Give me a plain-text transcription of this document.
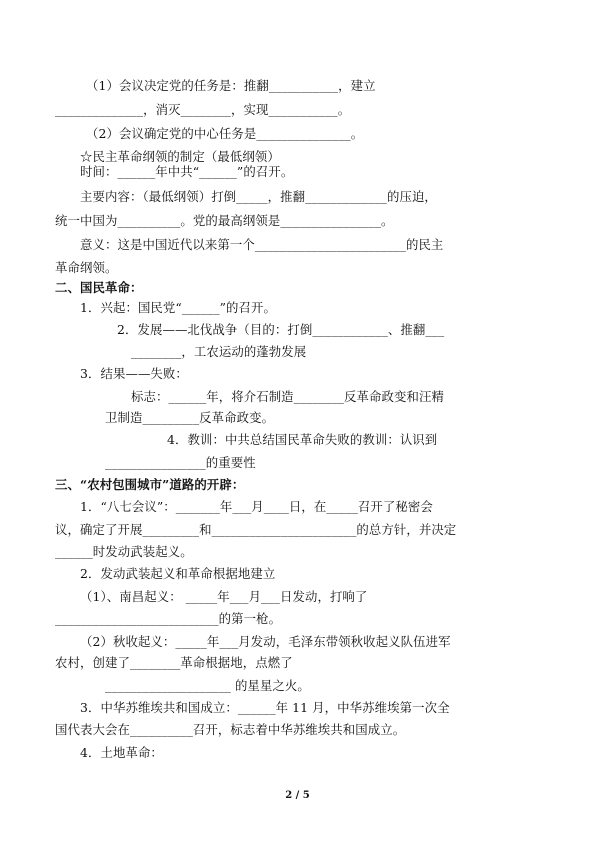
（1）会议决定党的任务是：推翻___________，建立
______________，消灭________，实现___________。
（2）会议确定党的中心任务是_______________。
☆民主革命纲领的制定（最低纲领）
时间：______年中共“______”的召开。
主要内容：（最低纲领）打倒_____，推翻_____________的压迫，
统一中国为__________。党的最高纲领是________________。
意义：这是中国近代以来第一个________________________的民主
革命纲领。
二、国民革命：
1．兴起：国民党“______”的召开。
2．发展——北伐战争（目的：打倒____________、推翻___
________，工农运动的蓬勃发展
3．结果——失败：
标志：______年，将介石制造________反革命政变和汪精
卫制造_________反革命政变。
4．教训：中共总结国民革命失败的教训：认识到
________________的重要性
三、“农村包围城市”道路的开辟：
1．“八七会议”：_______年___月____日，在_____召开了秘密会
议，确定了开展_________和_______________________的总方针，并决定
______时发动武装起义。
2．发动武装起义和革命根据地建立
（1）、南昌起义： _____年___月___日发动，打响了
__________________________的第一枪。
（2）秋收起义：_____年___月发动，毛泽东带领秋收起义队伍进军
农村，创建了________革命根据地，点燃了
____________________ 的星星之火。
3．中华苏维埃共和国成立：______年 11 月，中华苏维埃第一次全
国代表大会在__________召开，标志着中华苏维埃共和国成立。
4．土地革命：
2 / 5
